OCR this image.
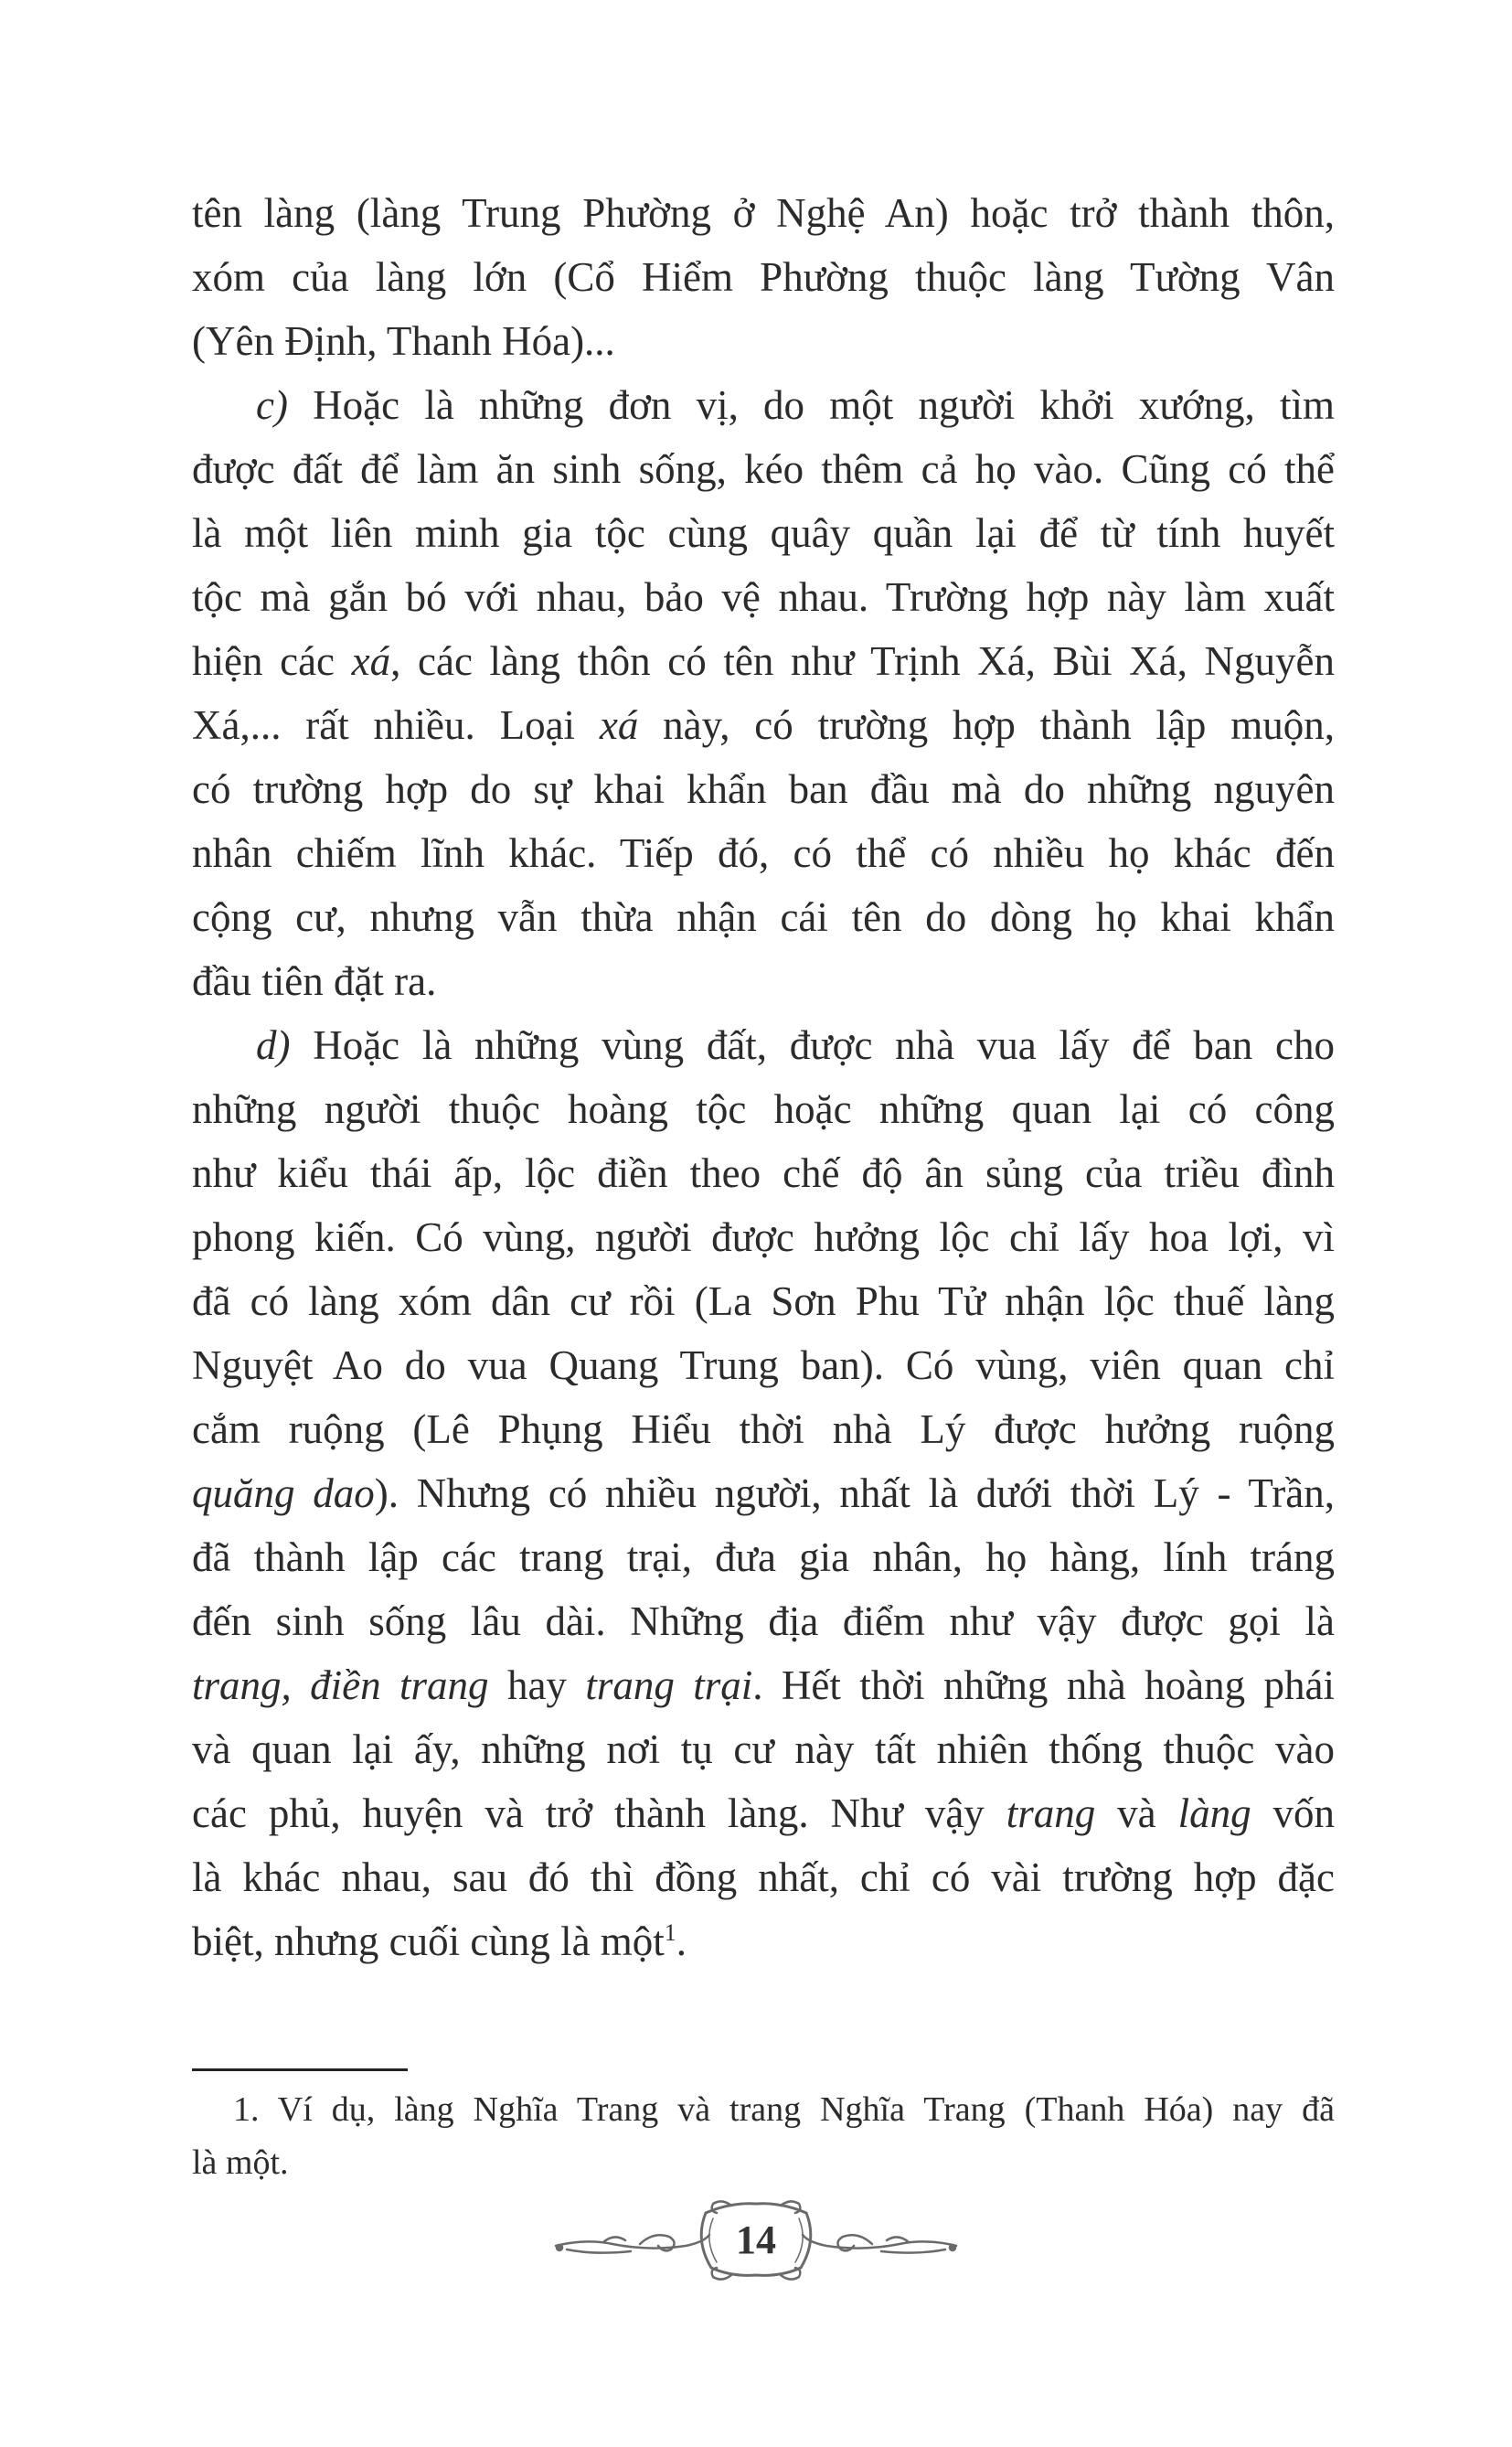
tên làng (làng Trung Phường ở Nghệ An) hoặc trở thành thôn,
xóm của làng lớn (Cổ Hiểm Phường thuộc làng Tường Vân
(Yên Định, Thanh Hóa)...
c) Hoặc là những đơn vị, do một người khởi xướng, tìm
được đất để làm ăn sinh sống, kéo thêm cả họ vào. Cũng có thể
là một liên minh gia tộc cùng quây quần lại để từ tính huyết
tộc mà gắn bó với nhau, bảo vệ nhau. Trường hợp này làm xuất
hiện các xá, các làng thôn có tên như Trịnh Xá, Bùi Xá, Nguyễn
Xá,... rất nhiều. Loại xá này, có trường hợp thành lập muộn,
có trường hợp do sự khai khẩn ban đầu mà do những nguyên
nhân chiếm lĩnh khác. Tiếp đó, có thể có nhiều họ khác đến
cộng cư, nhưng vẫn thừa nhận cái tên do dòng họ khai khẩn
đầu tiên đặt ra.
d) Hoặc là những vùng đất, được nhà vua lấy để ban cho
những người thuộc hoàng tộc hoặc những quan lại có công
như kiểu thái ấp, lộc điền theo chế độ ân sủng của triều đình
phong kiến. Có vùng, người được hưởng lộc chỉ lấy hoa lợi, vì
đã có làng xóm dân cư rồi (La Sơn Phu Tử nhận lộc thuế làng
Nguyệt Ao do vua Quang Trung ban). Có vùng, viên quan chỉ
cắm ruộng (Lê Phụng Hiểu thời nhà Lý được hưởng ruộng
quăng dao). Nhưng có nhiều người, nhất là dưới thời Lý - Trần,
đã thành lập các trang trại, đưa gia nhân, họ hàng, lính tráng
đến sinh sống lâu dài. Những địa điểm như vậy được gọi là
trang, điền trang hay trang trại. Hết thời những nhà hoàng phái
và quan lại ấy, những nơi tụ cư này tất nhiên thống thuộc vào
các phủ, huyện và trở thành làng. Như vậy trang và làng vốn
là khác nhau, sau đó thì đồng nhất, chỉ có vài trường hợp đặc
biệt, nhưng cuối cùng là một$^1$.
1. Ví dụ, làng Nghĩa Trang và trang Nghĩa Trang (Thanh Hóa) nay đã
là một.
14
